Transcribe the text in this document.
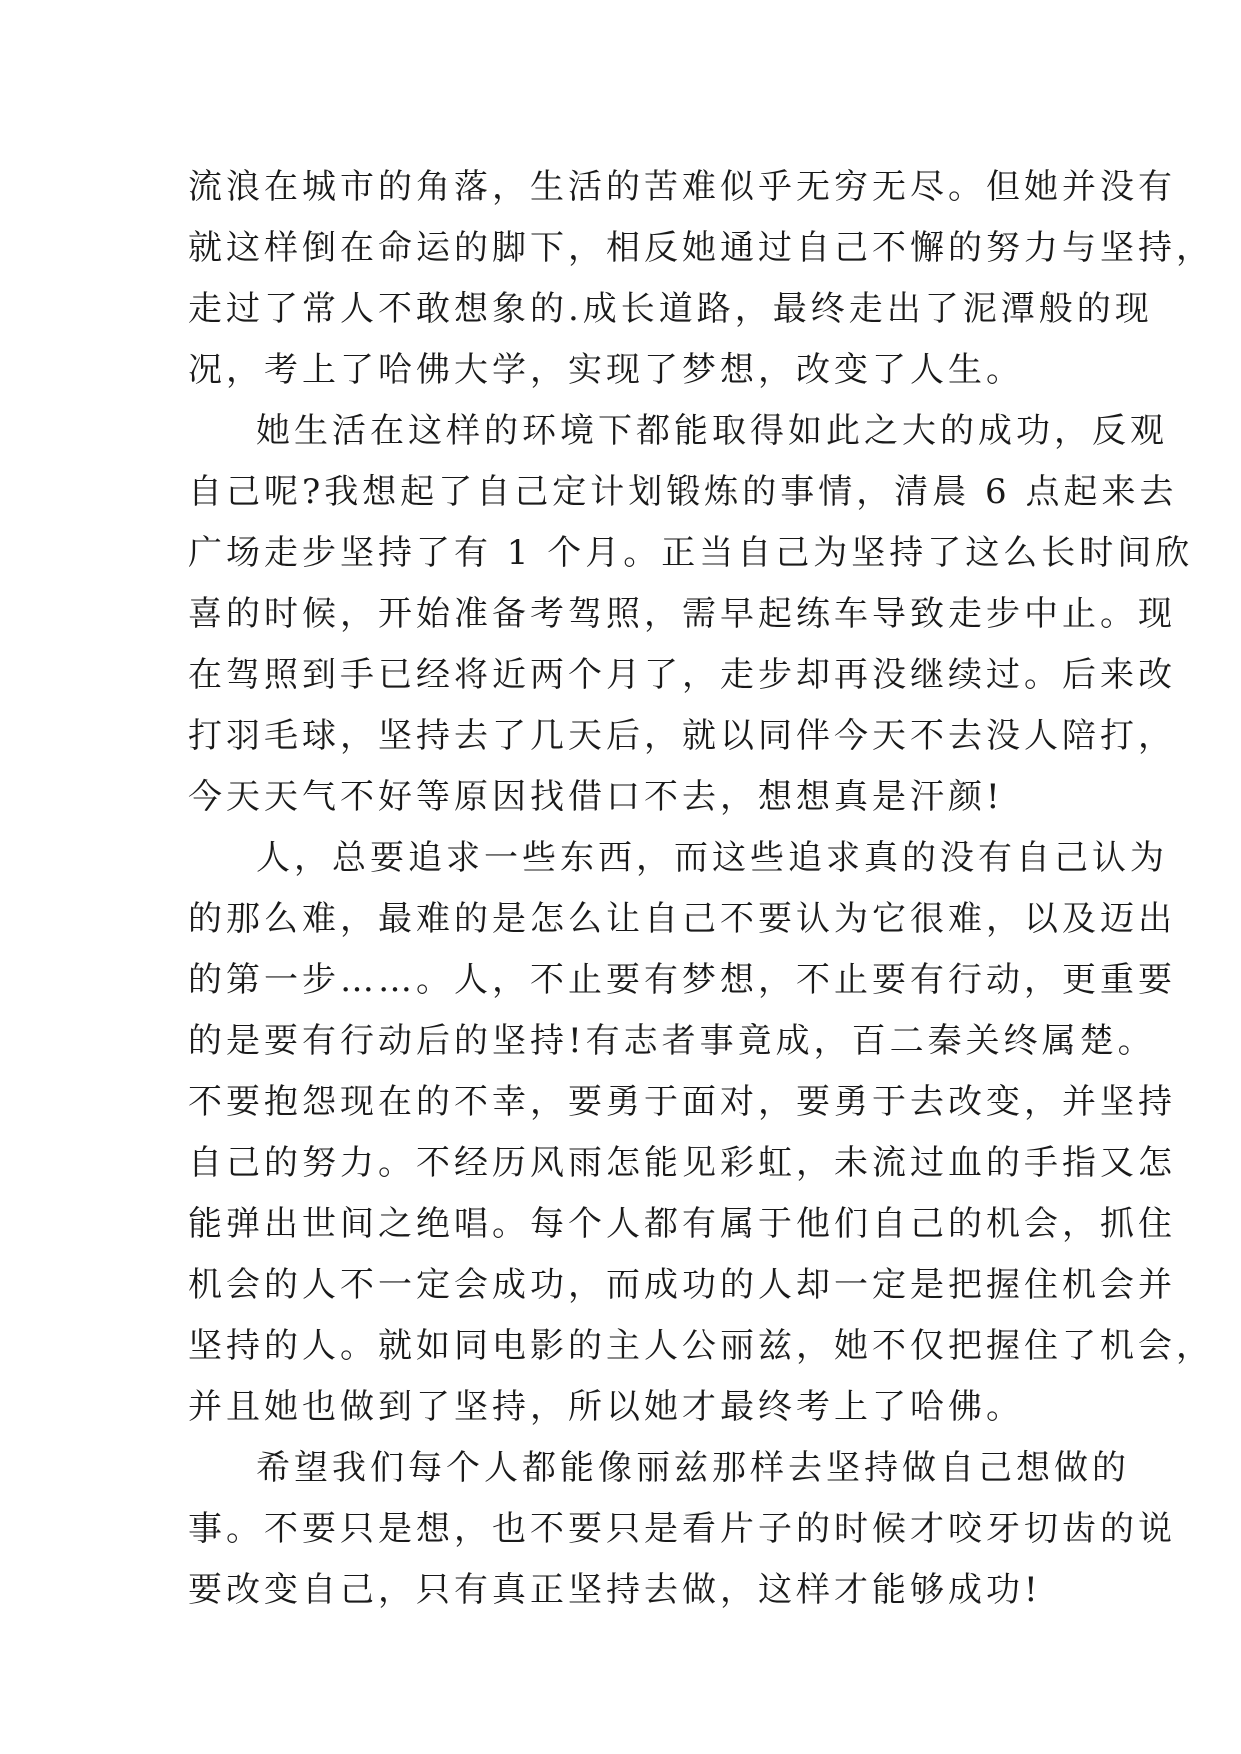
流浪在城市的角落，生活的苦难似乎无穷无尽。但她并没有
就这样倒在命运的脚下，相反她通过自己不懈的努力与坚持，
走过了常人不敢想象的.成长道路，最终走出了泥潭般的现
况，考上了哈佛大学，实现了梦想，改变了人生。
她生活在这样的环境下都能取得如此之大的成功，反观
自己呢?我想起了自己定计划锻炼的事情，清晨 6 点起来去
广场走步坚持了有 1 个月。正当自己为坚持了这么长时间欣
喜的时候，开始准备考驾照，需早起练车导致走步中止。现
在驾照到手已经将近两个月了，走步却再没继续过。后来改
打羽毛球，坚持去了几天后，就以同伴今天不去没人陪打，
今天天气不好等原因找借口不去，想想真是汗颜!
人，总要追求一些东西，而这些追求真的没有自己认为
的那么难，最难的是怎么让自己不要认为它很难，以及迈出
的第一步……。人，不止要有梦想，不止要有行动，更重要
的是要有行动后的坚持!有志者事竟成，百二秦关终属楚。
不要抱怨现在的不幸，要勇于面对，要勇于去改变，并坚持
自己的努力。不经历风雨怎能见彩虹，未流过血的手指又怎
能弹出世间之绝唱。每个人都有属于他们自己的机会，抓住
机会的人不一定会成功，而成功的人却一定是把握住机会并
坚持的人。就如同电影的主人公丽兹，她不仅把握住了机会，
并且她也做到了坚持，所以她才最终考上了哈佛。
希望我们每个人都能像丽兹那样去坚持做自己想做的
事。不要只是想，也不要只是看片子的时候才咬牙切齿的说
要改变自己，只有真正坚持去做，这样才能够成功!
